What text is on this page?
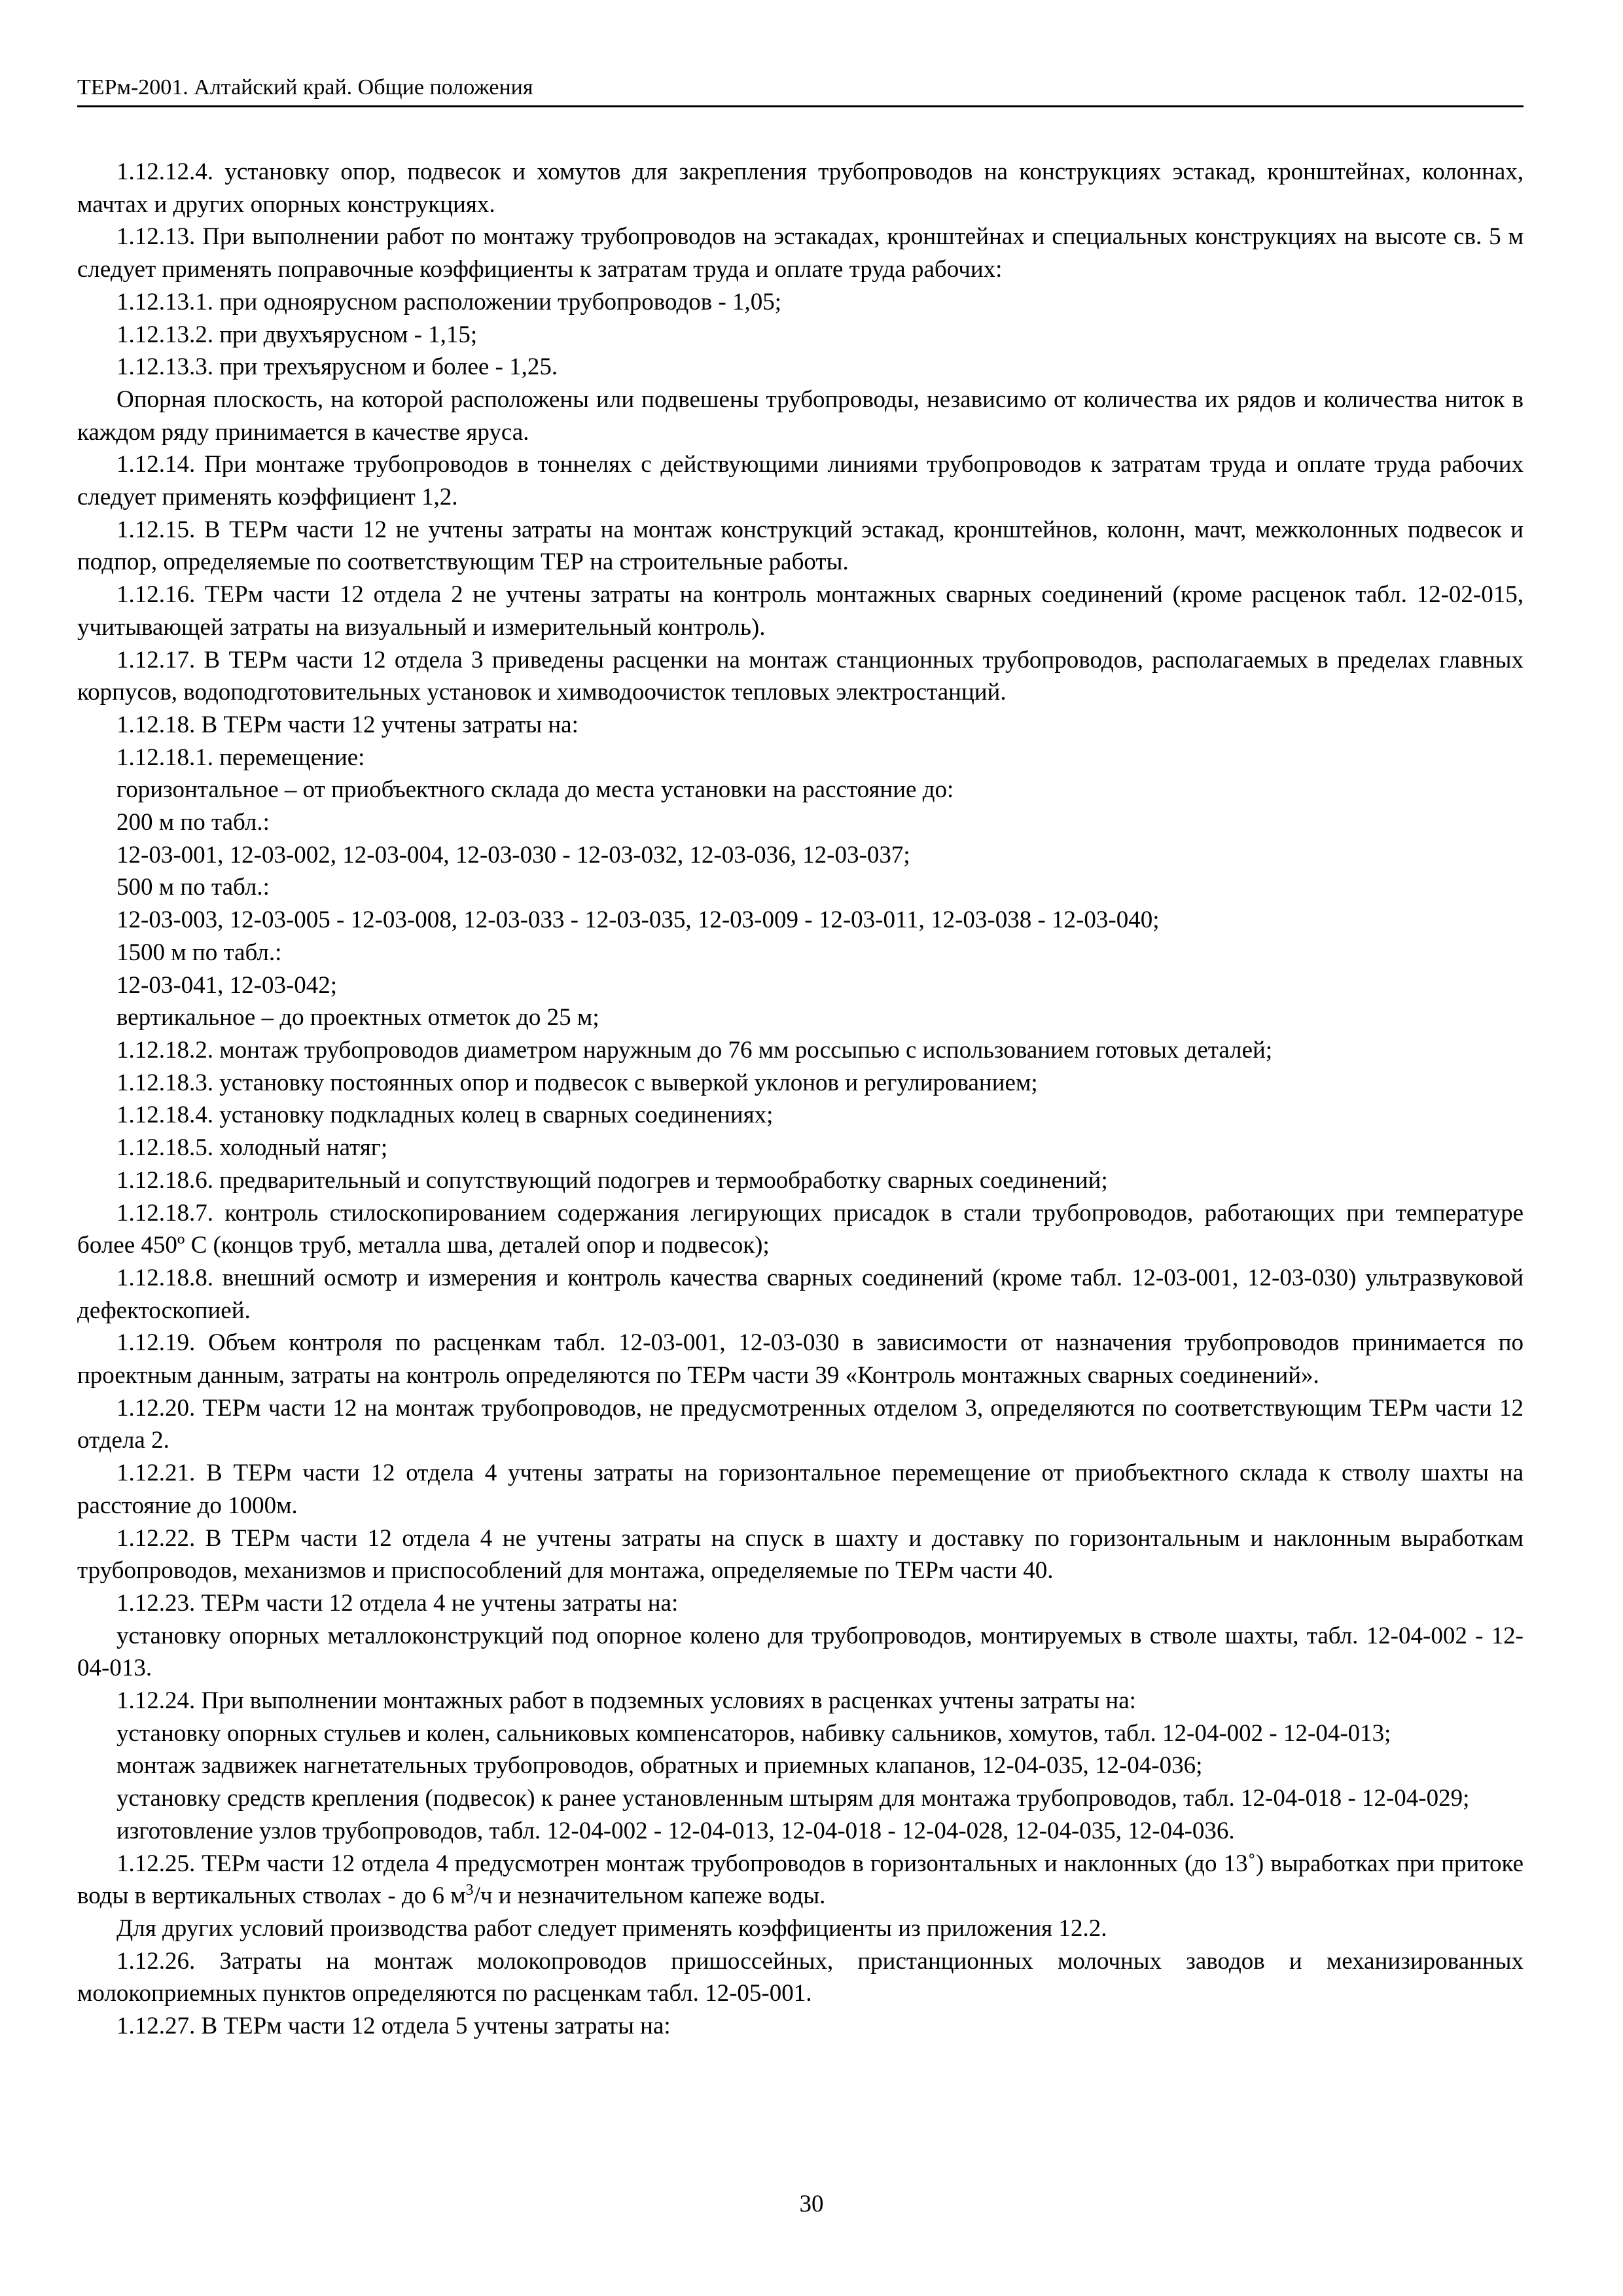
ТЕРм-2001. Алтайский край. Общие положения

1.12.12.4. установку опор, подвесок и хомутов для закрепления трубопроводов на конструкциях эстакад, кронштейнах, колоннах, мачтах и других опорных конструкциях.

1.12.13. При выполнении работ по монтажу трубопроводов на эстакадах, кронштейнах и специальных конструкциях на высоте св. 5 м следует применять поправочные коэффициенты к затратам труда и оплате труда рабочих:

1.12.13.1. при одноярусном расположении трубопроводов - 1,05;

1.12.13.2. при двухъярусном - 1,15;

1.12.13.3. при трехъярусном и более - 1,25.

Опорная плоскость, на которой расположены или подвешены трубопроводы, независимо от количества их рядов и количества ниток в каждом ряду принимается в качестве яруса.

1.12.14. При монтаже трубопроводов в тоннелях с действующими линиями трубопроводов к затратам труда и оплате труда рабочих следует применять коэффициент 1,2.

1.12.15. В ТЕРм части 12 не учтены затраты на монтаж конструкций эстакад, кронштейнов, колонн, мачт, межколонных подвесок и подпор, определяемые по соответствующим ТЕР на строительные работы.

1.12.16. ТЕРм части 12 отдела 2 не учтены затраты на контроль монтажных сварных соединений (кроме расценок табл. 12-02-015, учитывающей затраты на визуальный и измерительный контроль).

1.12.17. В ТЕРм части 12 отдела 3 приведены расценки на монтаж станционных трубопроводов, располагаемых в пределах главных корпусов, водоподготовительных установок и химводоочисток тепловых электростанций.

1.12.18. В ТЕРм части 12 учтены затраты на:

1.12.18.1. перемещение:

горизонтальное – от приобъектного склада до места установки на расстояние до:

200 м по табл.:

12-03-001, 12-03-002, 12-03-004, 12-03-030 - 12-03-032, 12-03-036, 12-03-037;

500 м по табл.:

12-03-003, 12-03-005 - 12-03-008, 12-03-033 - 12-03-035, 12-03-009 - 12-03-011, 12-03-038 - 12-03-040;

1500 м по табл.:

12-03-041, 12-03-042;

вертикальное – до проектных отметок до 25 м;

1.12.18.2. монтаж трубопроводов диаметром наружным до 76 мм россыпью с использованием готовых деталей;

1.12.18.3. установку постоянных опор и подвесок с выверкой уклонов и регулированием;

1.12.18.4. установку подкладных колец в сварных соединениях;

1.12.18.5. холодный натяг;

1.12.18.6. предварительный и сопутствующий подогрев и термообработку сварных соединений;

1.12.18.7. контроль стилоскопированием содержания легирующих присадок в стали трубопроводов, работающих при температуре более 450º С (концов труб, металла шва, деталей опор и подвесок);

1.12.18.8. внешний осмотр и измерения и контроль качества сварных соединений (кроме табл. 12-03-001, 12-03-030) ультразвуковой дефектоскопией.

1.12.19. Объем контроля по расценкам табл. 12-03-001, 12-03-030 в зависимости от назначения трубопроводов принимается по проектным данным, затраты на контроль определяются по ТЕРм части 39 «Контроль монтажных сварных соединений».

1.12.20. ТЕРм части 12 на монтаж трубопроводов, не предусмотренных отделом 3, определяются по соответствующим ТЕРм части 12 отдела 2.

1.12.21. В ТЕРм части 12 отдела 4 учтены затраты на горизонтальное перемещение от приобъектного склада к стволу шахты на расстояние до 1000м.

1.12.22. В ТЕРм части 12 отдела 4 не учтены затраты на спуск в шахту и доставку по горизонтальным и наклонным выработкам трубопроводов, механизмов и приспособлений для монтажа, определяемые по ТЕРм части 40.

1.12.23. ТЕРм части 12 отдела 4 не учтены затраты на:

установку опорных металлоконструкций под опорное колено для трубопроводов, монтируемых в стволе шахты, табл. 12-04-002 - 12-04-013.

1.12.24. При выполнении монтажных работ в подземных условиях в расценках учтены затраты на:

установку опорных стульев и колен, сальниковых компенсаторов, набивку сальников, хомутов, табл. 12-04-002 - 12-04-013;

монтаж задвижек нагнетательных трубопроводов, обратных и приемных клапанов, 12-04-035, 12-04-036;

установку средств крепления (подвесок) к ранее установленным штырям для монтажа трубопроводов, табл. 12-04-018 - 12-04-029;

изготовление узлов трубопроводов, табл. 12-04-002 - 12-04-013, 12-04-018 - 12-04-028, 12-04-035, 12-04-036.

1.12.25. ТЕРм части 12 отдела 4 предусмотрен монтаж трубопроводов в горизонтальных и наклонных (до 13˚) выработках при притоке воды в вертикальных стволах - до 6 $м^3/ч$ и незначительном капеже воды.

Для других условий производства работ следует применять коэффициенты из приложения 12.2.

1.12.26. Затраты на монтаж молокопроводов пришоссейных, пристанционных молочных заводов и механизированных молокоприемных пунктов определяются по расценкам табл. 12-05-001.

1.12.27. В ТЕРм части 12 отдела 5 учтены затраты на:

30
